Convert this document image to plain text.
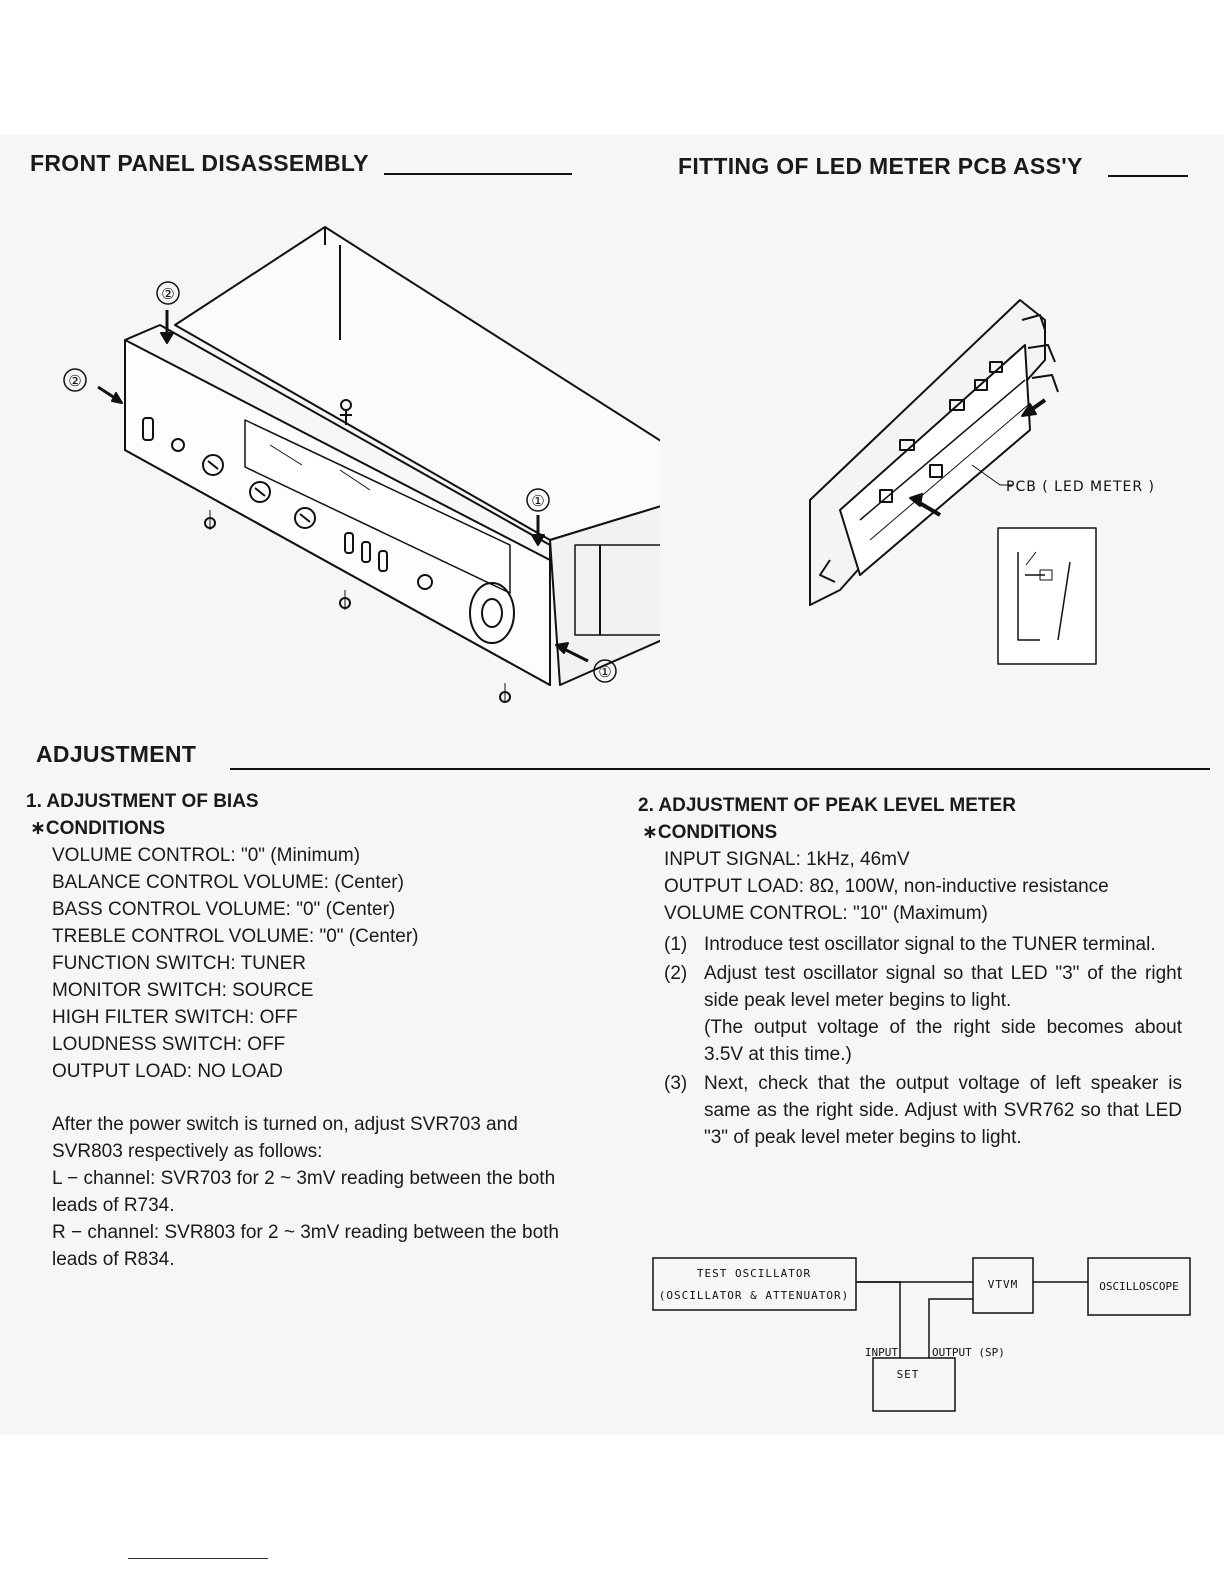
FRONT PANEL DISASSEMBLY	FITTING OF LED METER PCB ASS'Y
②
②
①
①
PCB ( LED METER )
ADJUSTMENT

1. ADJUSTMENT OF BIAS

∗CONDITIONS

VOLUME CONTROL: "0" (Minimum)
BALANCE CONTROL VOLUME: (Center)
BASS CONTROL VOLUME: "0" (Center)
TREBLE CONTROL VOLUME: "0" (Center)
FUNCTION SWITCH: TUNER
MONITOR SWITCH: SOURCE
HIGH FILTER SWITCH: OFF
LOUDNESS SWITCH: OFF
OUTPUT LOAD: NO LOAD

After the power switch is turned on, adjust SVR703 and SVR803 respectively as follows:

L − channel: SVR703 for 2 ~ 3mV reading between the both leads of R734.

R − channel: SVR803 for 2 ~ 3mV reading between the both leads of R834.

2. ADJUSTMENT OF PEAK LEVEL METER

∗CONDITIONS

INPUT SIGNAL: 1kHz, 46mV
OUTPUT LOAD: 8Ω, 100W, non-inductive resistance
VOLUME CONTROL: "10" (Maximum)
(1) Introduce test oscillator signal to the TUNER terminal.
(2) Adjust test oscillator signal so that LED "3" of the right side peak level meter begins to light.
(The output voltage of the right side becomes about 3.5V at this time.)
(3) Next, check that the output voltage of left speaker is same as the right side. Adjust with SVR762 so that LED "3" of peak level meter begins to light.
TEST OSCILLATOR
(OSCILLATOR & ATTENUATOR)
VTVM	OSCILLOSCOPE
INPUT	OUTPUT (SP)
SET
